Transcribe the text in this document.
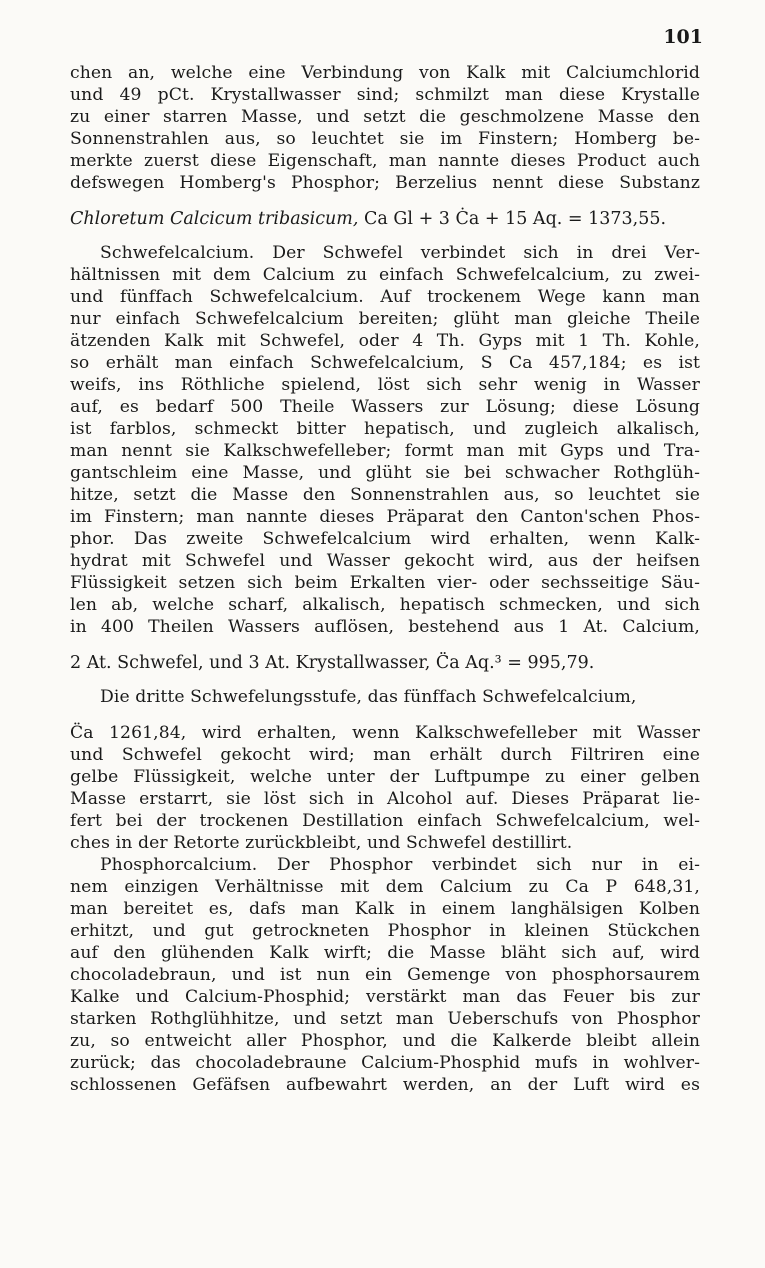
101
chen an, welche eine Verbindung von Kalk mit Calciumchlorid
und 49 pCt. Krystallwasser sind; schmilzt man diese Krystalle
zu einer starren Masse, und setzt die geschmolzene Masse den
Sonnenstrahlen aus, so leuchtet sie im Finstern; Homberg be-
merkte zuerst diese Eigenschaft, man nannte dieses Product auch
defswegen Homberg's Phosphor; Berzelius nennt diese Substanz
Chloretum Calcicum tribasicum, Ca Gl + 3 Ċa + 15 Aq. = 1373,55.
Schwefelcalcium. Der Schwefel verbindet sich in drei Ver-
hältnissen mit dem Calcium zu einfach Schwefelcalcium, zu zwei-
und fünffach Schwefelcalcium. Auf trockenem Wege kann man
nur einfach Schwefelcalcium bereiten; glüht man gleiche Theile
ätzenden Kalk mit Schwefel, oder 4 Th. Gyps mit 1 Th. Kohle,
so erhält man einfach Schwefelcalcium, S Ca 457,184; es ist
weifs, ins Röthliche spielend, löst sich sehr wenig in Wasser
auf, es bedarf 500 Theile Wassers zur Lösung; diese Lösung
ist farblos, schmeckt bitter hepatisch, und zugleich alkalisch,
man nennt sie Kalkschwefelleber; formt man mit Gyps und Tra-
gantschleim eine Masse, und glüht sie bei schwacher Rothglüh-
hitze, setzt die Masse den Sonnenstrahlen aus, so leuchtet sie
im Finstern; man nannte dieses Präparat den Canton'schen Phos-
phor. Das zweite Schwefelcalcium wird erhalten, wenn Kalk-
hydrat mit Schwefel und Wasser gekocht wird, aus der heifsen
Flüssigkeit setzen sich beim Erkalten vier- oder sechsseitige Säu-
len ab, welche scharf, alkalisch, hepatisch schmecken, und sich
in 400 Theilen Wassers auflösen, bestehend aus 1 At. Calcium,
2 At. Schwefel, und 3 At. Krystallwasser, C̈a Aq.³ = 995,79.
Die dritte Schwefelungsstufe, das fünffach Schwefelcalcium,
C̈a 1261,84, wird erhalten, wenn Kalkschwefelleber mit Wasser
und Schwefel gekocht wird; man erhält durch Filtriren eine
gelbe Flüssigkeit, welche unter der Luftpumpe zu einer gelben
Masse erstarrt, sie löst sich in Alcohol auf. Dieses Präparat lie-
fert bei der trockenen Destillation einfach Schwefelcalcium, wel-
ches in der Retorte zurückbleibt, und Schwefel destillirt.
Phosphorcalcium. Der Phosphor verbindet sich nur in ei-
nem einzigen Verhältnisse mit dem Calcium zu Ca P 648,31,
man bereitet es, dafs man Kalk in einem langhälsigen Kolben
erhitzt, und gut getrockneten Phosphor in kleinen Stückchen
auf den glühenden Kalk wirft; die Masse bläht sich auf, wird
chocoladebraun, und ist nun ein Gemenge von phosphorsaurem
Kalke und Calcium-Phosphid; verstärkt man das Feuer bis zur
starken Rothglühhitze, und setzt man Ueberschufs von Phosphor
zu, so entweicht aller Phosphor, und die Kalkerde bleibt allein
zurück; das chocoladebraune Calcium-Phosphid mufs in wohlver-
schlossenen Gefäfsen aufbewahrt werden, an der Luft wird es
